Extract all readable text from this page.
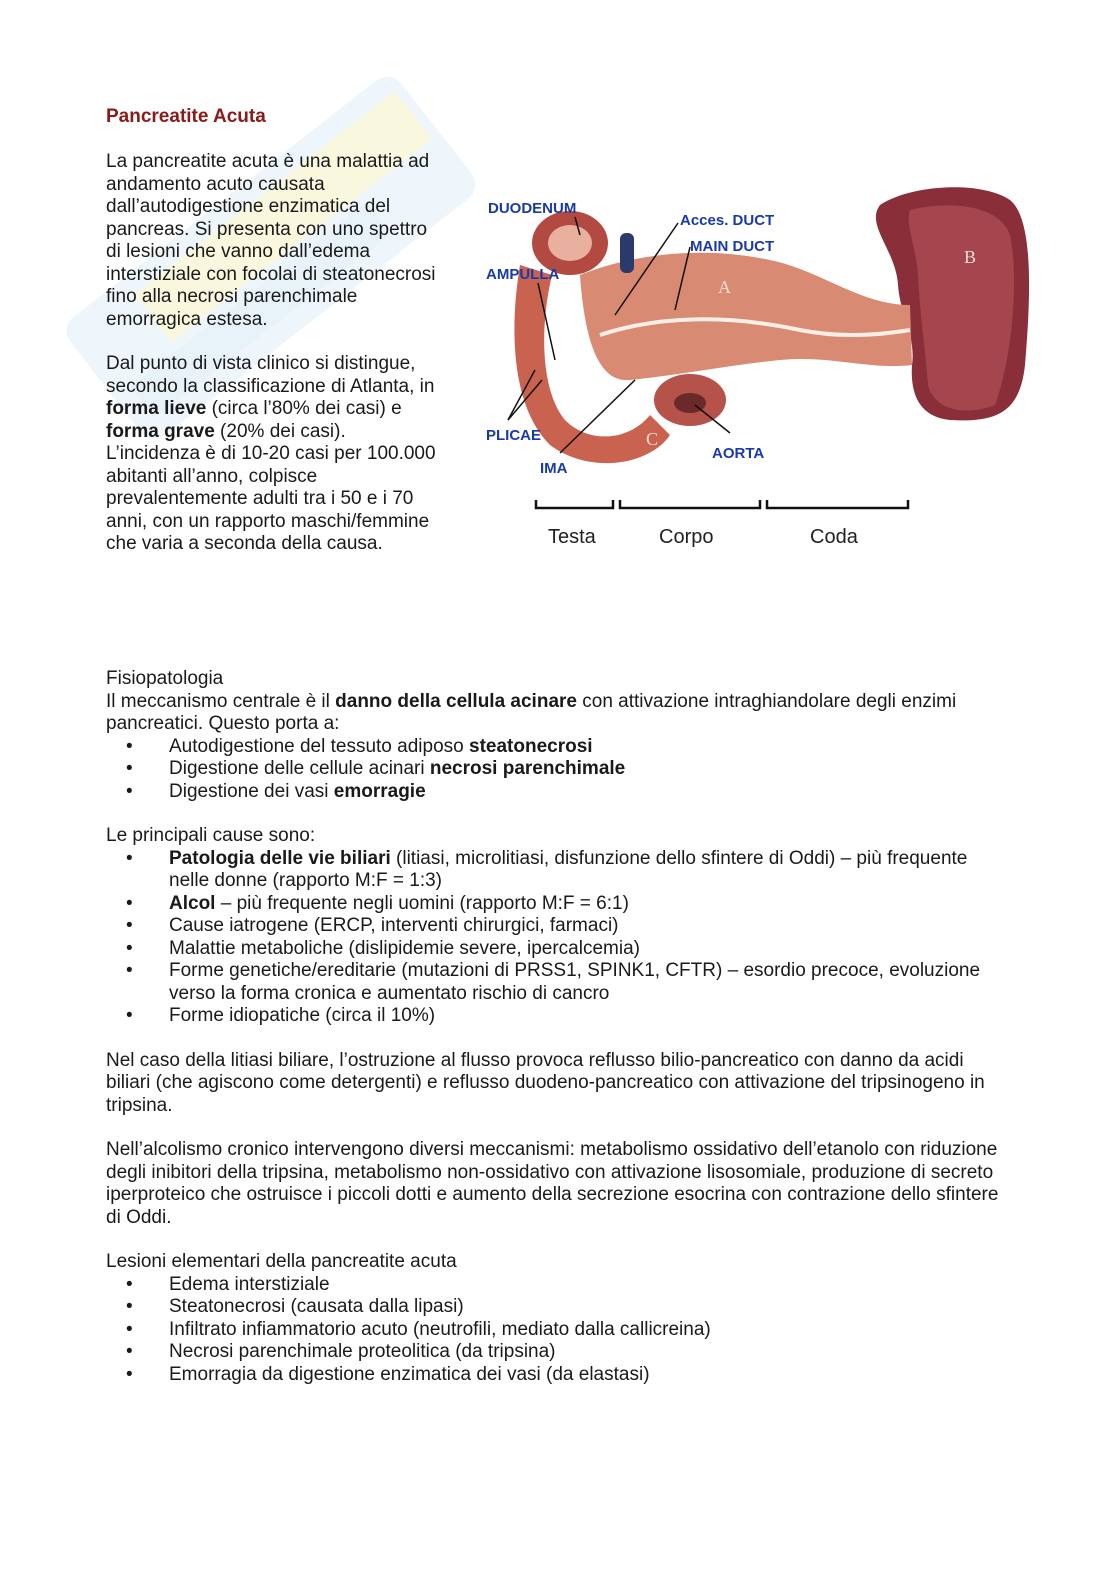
Pancreatite Acuta

La pancreatite acuta è una malattia ad andamento acuto causata dall’autodigestione enzimatica del pancreas. Si presenta con uno spettro di lesioni che vanno dall’edema interstiziale con focolai di steatonecrosi fino alla necrosi parenchimale emorragica estesa.

Dal punto di vista clinico si distingue, secondo la classificazione di Atlanta, in forma lieve (circa l’80% dei casi) e forma grave (20% dei casi). L’incidenza è di 10-20 casi per 100.000 abitanti all’anno, colpisce prevalentemente adulti tra i 50 e i 70 anni, con un rapporto maschi/femmine che varia a seconda della causa.

DUODENUM
Acces. DUCT
MAIN DUCT
AMPULLA
PLICAE
IMA
AORTA
A
B
C
Testa	Corpo	Coda

Fisiopatologia

Il meccanismo centrale è il danno della cellula acinare con attivazione intraghiandolare degli enzimi pancreatici. Questo porta a:

• Autodigestione del tessuto adiposo steatonecrosi
• Digestione delle cellule acinari necrosi parenchimale
• Digestione dei vasi emorragie

Le principali cause sono:

• Patologia delle vie biliari (litiasi, microlitiasi, disfunzione dello sfintere di Oddi) – più frequente nelle donne (rapporto M:F = 1:3)
• Alcol – più frequente negli uomini (rapporto M:F = 6:1)
• Cause iatrogene (ERCP, interventi chirurgici, farmaci)
• Malattie metaboliche (dislipidemie severe, ipercalcemia)
• Forme genetiche/ereditarie (mutazioni di PRSS1, SPINK1, CFTR) – esordio precoce, evoluzione verso la forma cronica e aumentato rischio di cancro
• Forme idiopatiche (circa il 10%)

Nel caso della litiasi biliare, l’ostruzione al flusso provoca reflusso bilio-pancreatico con danno da acidi biliari (che agiscono come detergenti) e reflusso duodeno-pancreatico con attivazione del tripsinogeno in tripsina.

Nell’alcolismo cronico intervengono diversi meccanismi: metabolismo ossidativo dell’etanolo con riduzione degli inibitori della tripsina, metabolismo non-ossidativo con attivazione lisosomiale, produzione di secreto iperproteico che ostruisce i piccoli dotti e aumento della secrezione esocrina con contrazione dello sfintere di Oddi.

Lesioni elementari della pancreatite acuta

• Edema interstiziale
• Steatonecrosi (causata dalla lipasi)
• Infiltrato infiammatorio acuto (neutrofili, mediato dalla callicreina)
• Necrosi parenchimale proteolitica (da tripsina)
• Emorragia da digestione enzimatica dei vasi (da elastasi)
